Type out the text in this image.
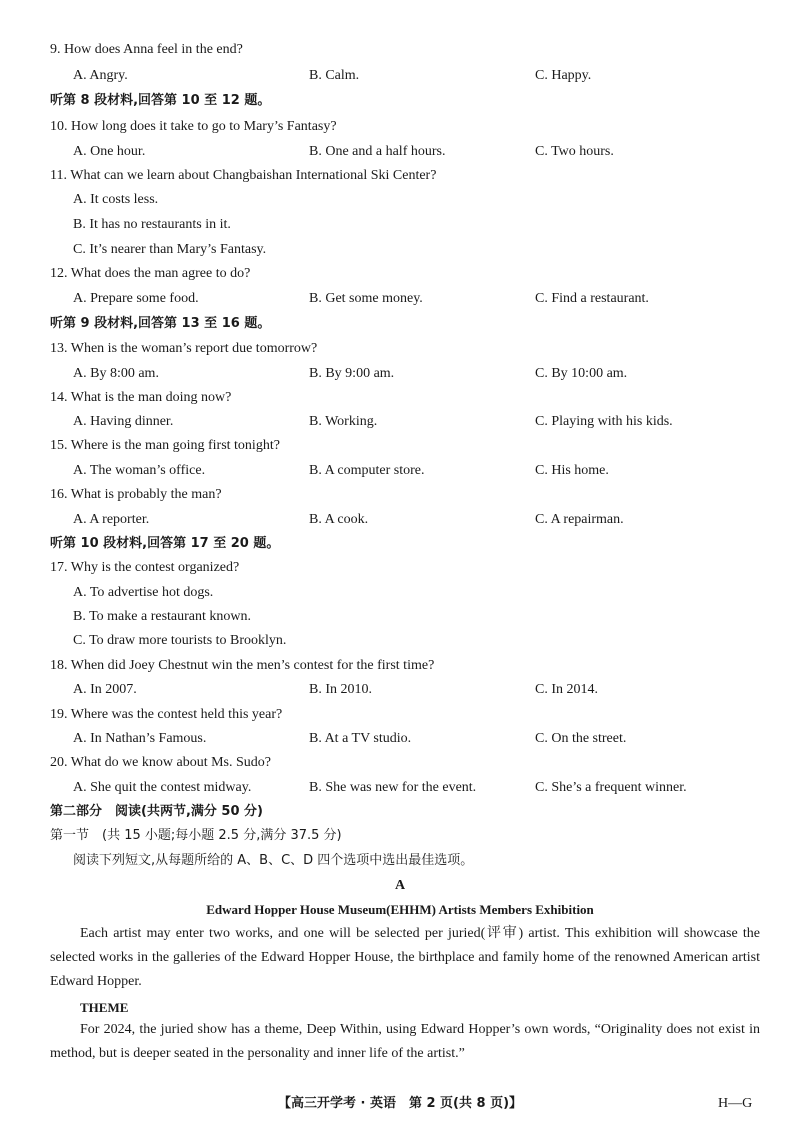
9. How does Anna feel in the end?
A. Angry.	B. Calm.	C. Happy.
听第 8 段材料,回答第 10 至 12 题。
10. How long does it take to go to Mary’s Fantasy?
A. One hour.	B. One and a half hours.	C. Two hours.
11. What can we learn about Changbaishan International Ski Center?
A. It costs less.
B. It has no restaurants in it.
C. It’s nearer than Mary’s Fantasy.
12. What does the man agree to do?
A. Prepare some food.	B. Get some money.	C. Find a restaurant.
听第 9 段材料,回答第 13 至 16 题。
13. When is the woman’s report due tomorrow?
A. By 8:00 am.	B. By 9:00 am.	C. By 10:00 am.
14. What is the man doing now?
A. Having dinner.	B. Working.	C. Playing with his kids.
15. Where is the man going first tonight?
A. The woman’s office.	B. A computer store.	C. His home.
16. What is probably the man?
A. A reporter.	B. A cook.	C. A repairman.
听第 10 段材料,回答第 17 至 20 题。
17. Why is the contest organized?
A. To advertise hot dogs.
B. To make a restaurant known.
C. To draw more tourists to Brooklyn.
18. When did Joey Chestnut win the men’s contest for the first time?
A. In 2007.	B. In 2010.	C. In 2014.
19. Where was the contest held this year?
A. In Nathan’s Famous.	B. At a TV studio.	C. On the street.
20. What do we know about Ms. Sudo?
A. She quit the contest midway.	B. She was new for the event.	C. She’s a frequent winner.
第二部分　阅读(共两节,满分 50 分)
第一节　(共 15 小题;每小题 2.5 分,满分 37.5 分)
阅读下列短文,从每题所给的 A、B、C、D 四个选项中选出最佳选项。
A
Edward Hopper House Museum(EHHM) Artists Members Exhibition
Each artist may enter two works, and one will be selected per juried(评审) artist. This exhibition will showcase the selected works in the galleries of the Edward Hopper House, the birthplace and family home of the renowned American artist Edward Hopper.
THEME
For 2024, the juried show has a theme, Deep Within, using Edward Hopper’s own words, “Originality does not exist in method, but is deeper seated in the personality and inner life of the artist.”
【高三开学考 · 英语　第 2 页(共 8 页)】	H—G
